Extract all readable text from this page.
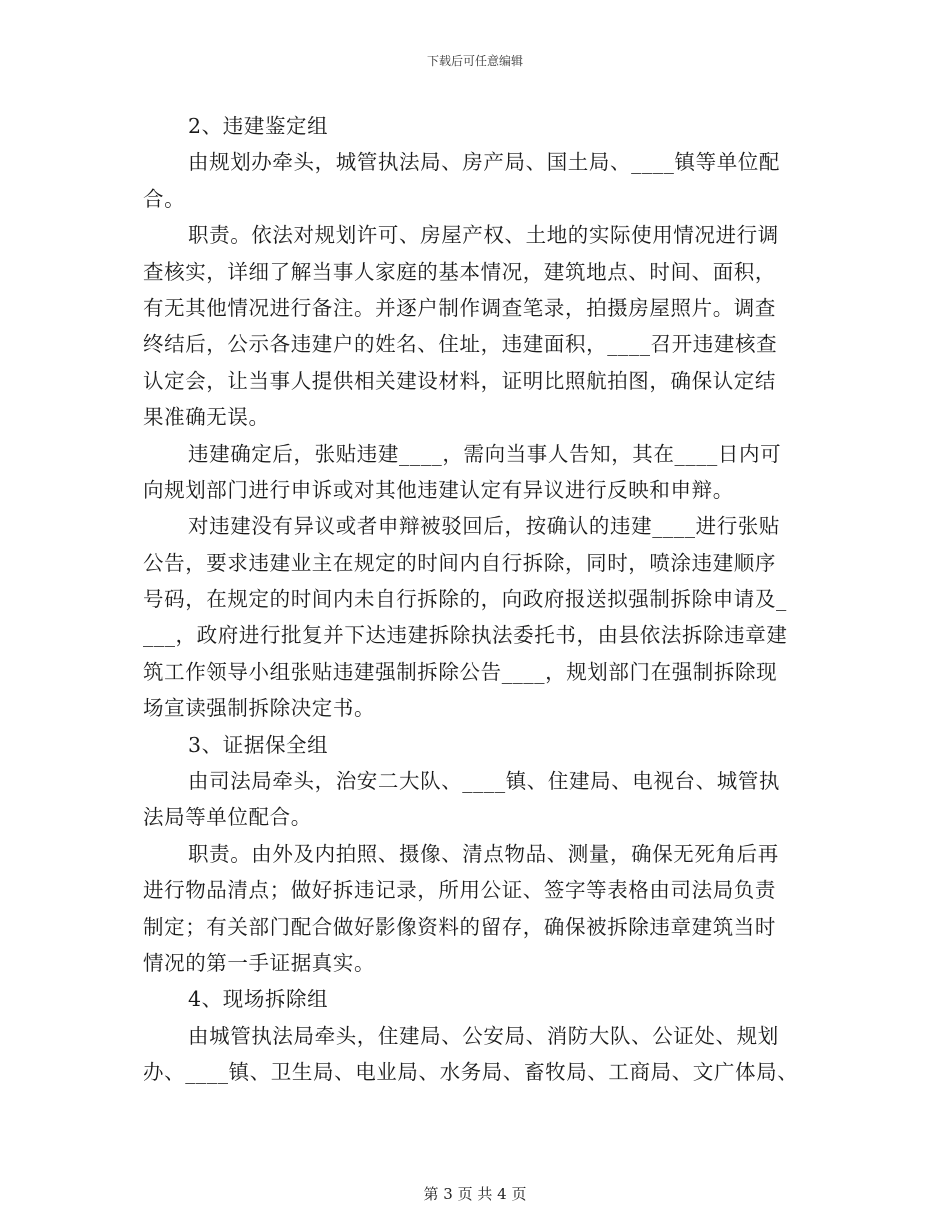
下载后可任意编辑
2、违建鉴定组
由规划办牵头，城管执法局、房产局、国土局、____镇等单位配
合。
职责。依法对规划许可、房屋产权、土地的实际使用情况进行调
查核实，详细了解当事人家庭的基本情况，建筑地点、时间、面积，
有无其他情况进行备注。并逐户制作调查笔录，拍摄房屋照片。调查
终结后，公示各违建户的姓名、住址，违建面积，____召开违建核查
认定会，让当事人提供相关建设材料，证明比照航拍图，确保认定结
果准确无误。
违建确定后，张贴违建____，需向当事人告知，其在____日内可
向规划部门进行申诉或对其他违建认定有异议进行反映和申辩。
对违建没有异议或者申辩被驳回后，按确认的违建____进行张贴
公告，要求违建业主在规定的时间内自行拆除，同时，喷涂违建顺序
号码，在规定的时间内未自行拆除的，向政府报送拟强制拆除申请及_
___，政府进行批复并下达违建拆除执法委托书，由县依法拆除违章建
筑工作领导小组张贴违建强制拆除公告____，规划部门在强制拆除现
场宣读强制拆除决定书。
3、证据保全组
由司法局牵头，治安二大队、____镇、住建局、电视台、城管执
法局等单位配合。
职责。由外及内拍照、摄像、清点物品、测量，确保无死角后再
进行物品清点；做好拆违记录，所用公证、签字等表格由司法局负责
制定；有关部门配合做好影像资料的留存，确保被拆除违章建筑当时
情况的第一手证据真实。
4、现场拆除组
由城管执法局牵头，住建局、公安局、消防大队、公证处、规划
办、____镇、卫生局、电业局、水务局、畜牧局、工商局、文广体局、
第 3 页 共 4 页
